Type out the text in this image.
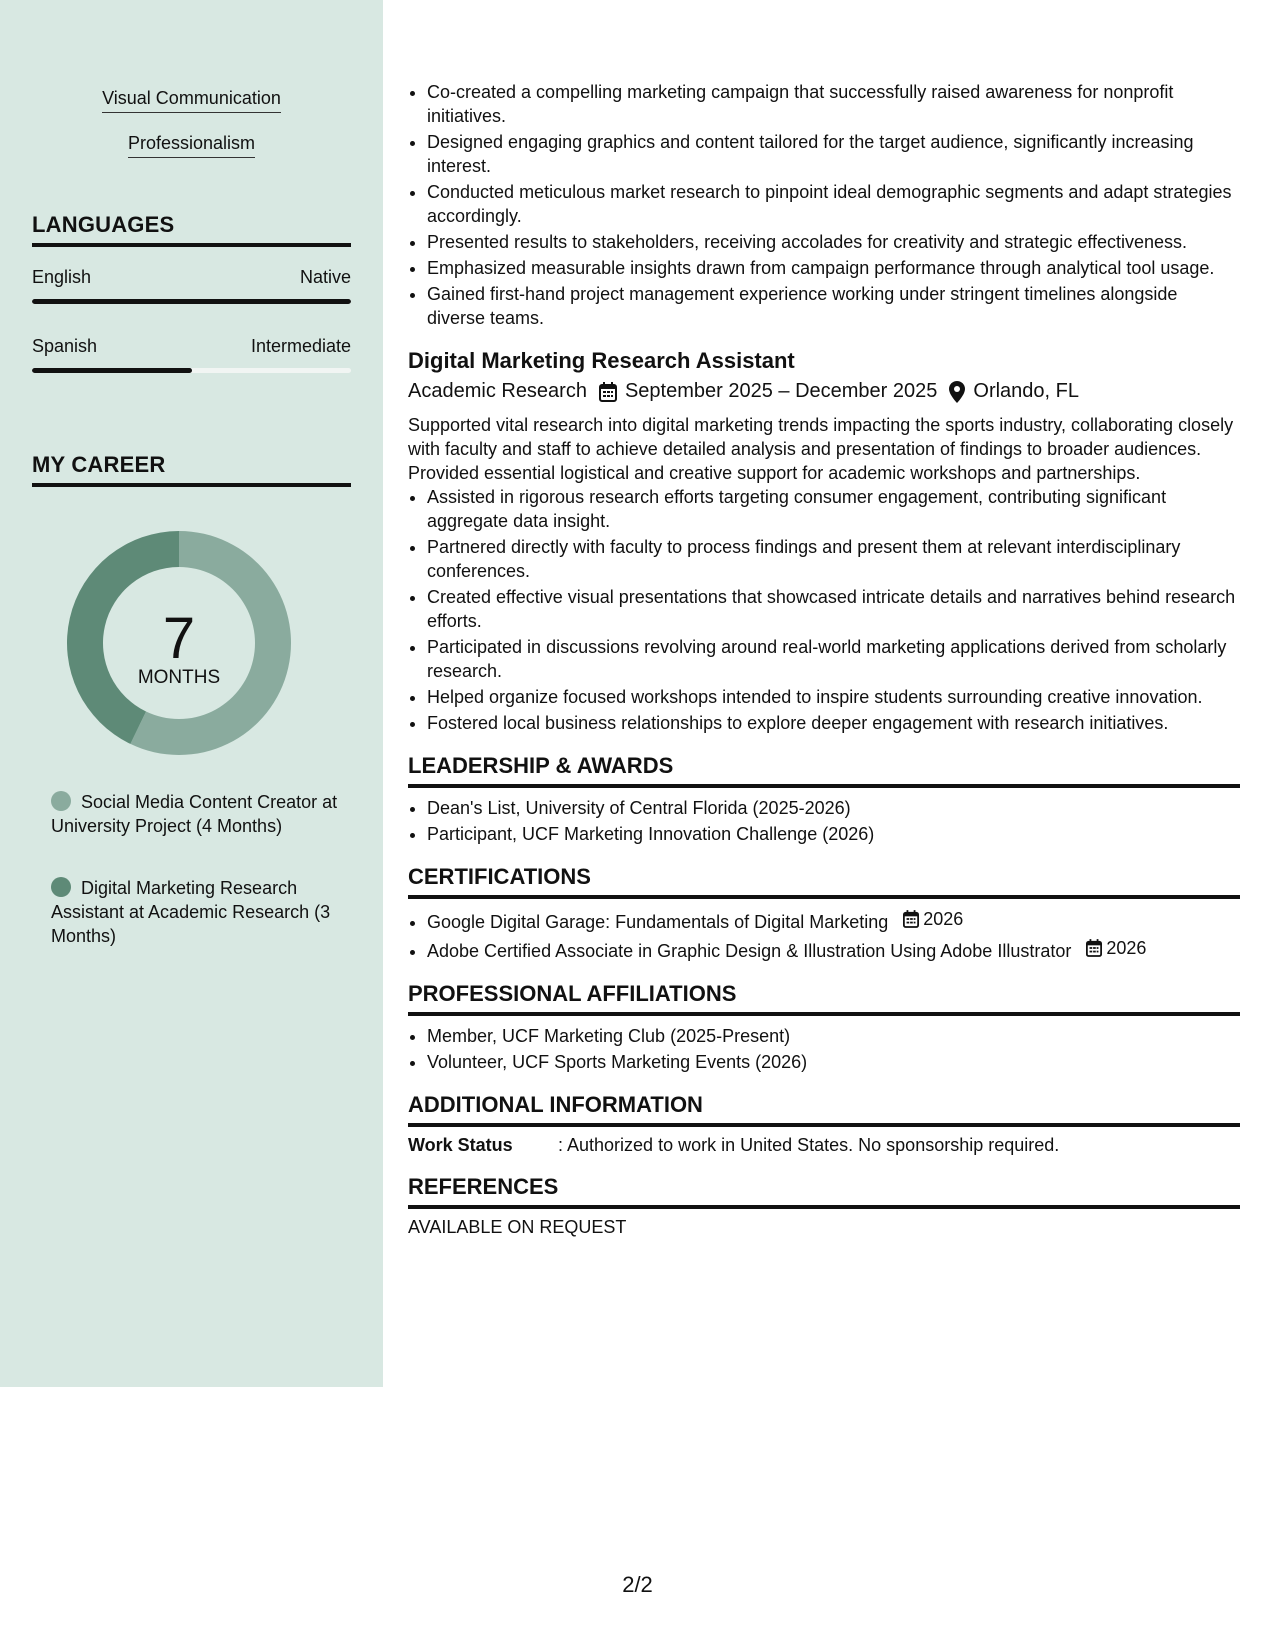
Visual Communication
Professionalism
LANGUAGES
English	Native
Spanish	Intermediate
MY CAREER
7
MONTHS
Social Media Content Creator at University Project (4 Months)
Digital Marketing Research Assistant at Academic Research (3 Months)
• Co-created a compelling marketing campaign that successfully raised awareness for nonprofit initiatives.
• Designed engaging graphics and content tailored for the target audience, significantly increasing interest.
• Conducted meticulous market research to pinpoint ideal demographic segments and adapt strategies accordingly.
• Presented results to stakeholders, receiving accolades for creativity and strategic effectiveness.
• Emphasized measurable insights drawn from campaign performance through analytical tool usage.
• Gained first-hand project management experience working under stringent timelines alongside diverse teams.
Digital Marketing Research Assistant
Academic Research September 2025 – December 2025 Orlando, FL
Supported vital research into digital marketing trends impacting the sports industry, collaborating closely with faculty and staff to achieve detailed analysis and presentation of findings to broader audiences. Provided essential logistical and creative support for academic workshops and partnerships.
• Assisted in rigorous research efforts targeting consumer engagement, contributing significant aggregate data insight.
• Partnered directly with faculty to process findings and present them at relevant interdisciplinary conferences.
• Created effective visual presentations that showcased intricate details and narratives behind research efforts.
• Participated in discussions revolving around real-world marketing applications derived from scholarly research.
• Helped organize focused workshops intended to inspire students surrounding creative innovation.
• Fostered local business relationships to explore deeper engagement with research initiatives.
LEADERSHIP & AWARDS
• Dean's List, University of Central Florida (2025-2026)
• Participant, UCF Marketing Innovation Challenge (2026)
CERTIFICATIONS
• Google Digital Garage: Fundamentals of Digital Marketing 2026
• Adobe Certified Associate in Graphic Design & Illustration Using Adobe Illustrator 2026
PROFESSIONAL AFFILIATIONS
• Member, UCF Marketing Club (2025-Present)
• Volunteer, UCF Sports Marketing Events (2026)
ADDITIONAL INFORMATION
Work Status	: Authorized to work in United States. No sponsorship required.
REFERENCES
AVAILABLE ON REQUEST
2/2
